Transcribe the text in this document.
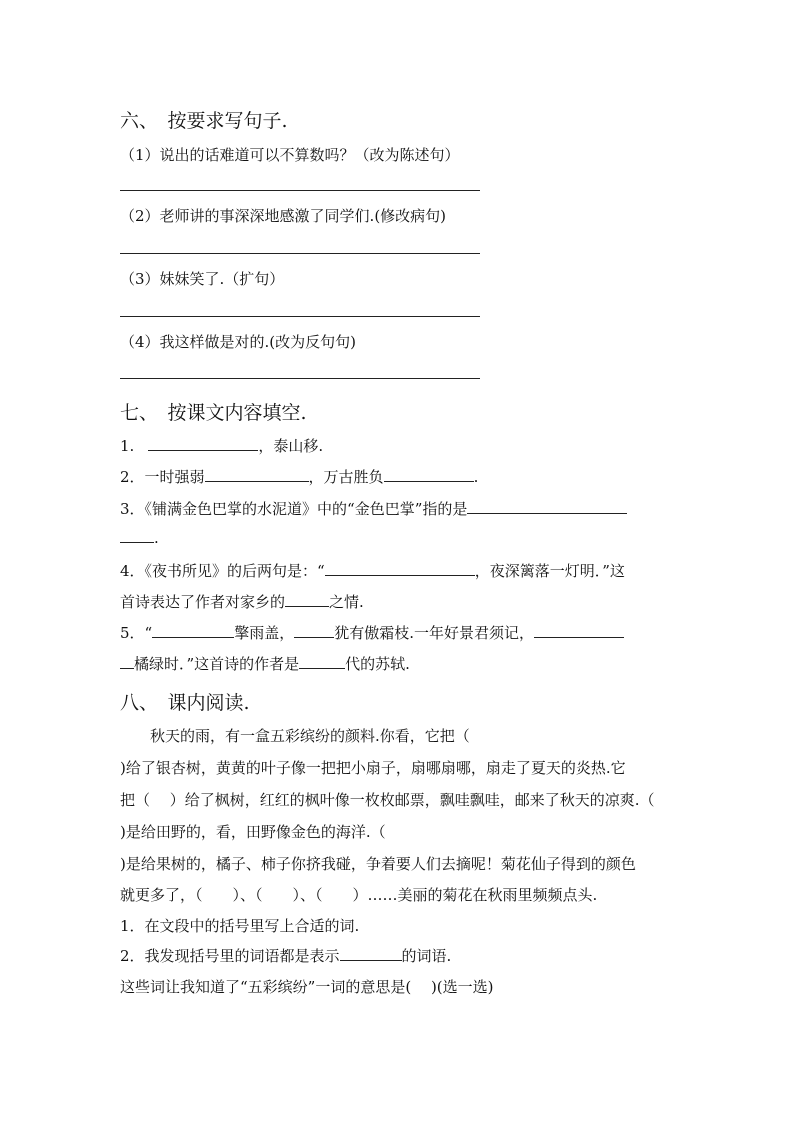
六、　按要求写句子.
（1）说出的话难道可以不算数吗？（改为陈述句）
（2）老师讲的事深深地感激了同学们.(修改病句)
（3）妹妹笑了.（扩句）
（4）我这样做是对的.(改为反句句)
七、　按课文内容填空.
1.	，泰山移.
2．一时强弱	，万古胜负	.
3．《铺满金色巴掌的水泥道》中的“金色巴掌”指的是
.
4．《夜书所见》的后两句是：“	，夜深篱落一灯明．”这
首诗表达了作者对家乡的	之情.
5．“	擎雨盖，	犹有傲霜枝.一年好景君须记，
橘绿时．”这首诗的作者是	代的苏轼.
八、　课内阅读.
秋天的雨，有一盒五彩缤纷的颜料.你看，它把（
)给了银杏树，黄黄的叶子像一把把小扇子，扇哪扇哪，扇走了夏天的炎热.它
把（　 ）给了枫树，红红的枫叶像一枚枚邮票，飘哇飘哇，邮来了秋天的凉爽.（
)是给田野的，看，田野像金色的海洋.（
)是给果树的，橘子、柿子你挤我碰，争着要人们去摘呢！菊花仙子得到的颜色
就更多了，（　　）、（　　）、（　　）……美丽的菊花在秋雨里频频点头.
1．在文段中的括号里写上合适的词.
2．我发现括号里的词语都是表示	的词语.
这些词让我知道了“五彩缤纷”一词的意思是(　 )(选一选)
